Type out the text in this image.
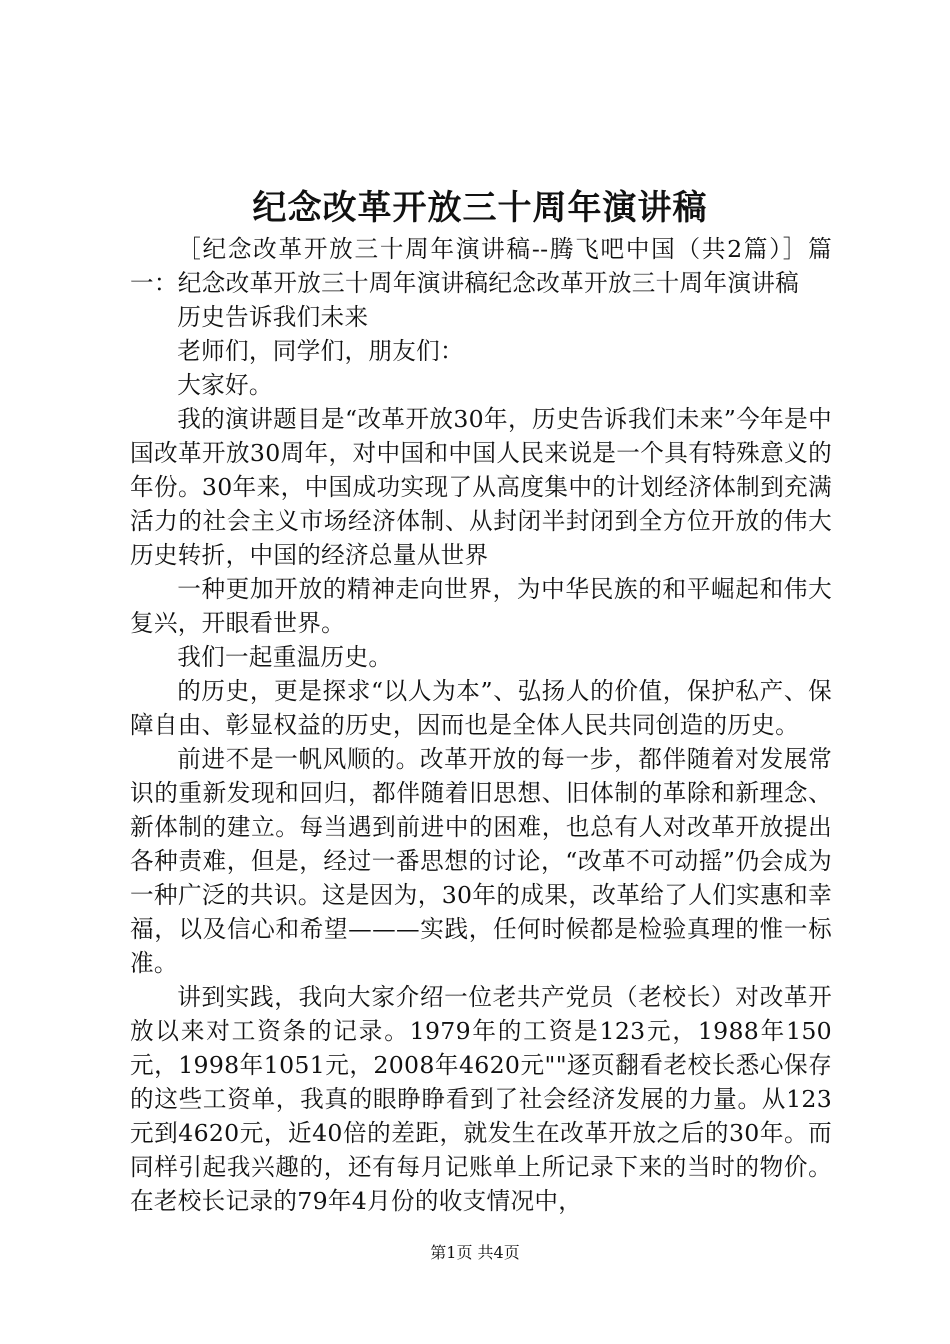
纪念改革开放三十周年演讲稿

［纪念改革开放三十周年演讲稿--腾飞吧中国（共2篇）］篇一：纪念改革开放三十周年演讲稿纪念改革开放三十周年演讲稿

历史告诉我们未来

老师们，同学们，朋友们：

大家好。

我的演讲题目是“改革开放30年，历史告诉我们未来”今年是中国改革开放30周年，对中国和中国人民来说是一个具有特殊意义的年份。30年来，中国成功实现了从高度集中的计划经济体制到充满活力的社会主义市场经济体制、从封闭半封闭到全方位开放的伟大历史转折，中国的经济总量从世界

一种更加开放的精神走向世界，为中华民族的和平崛起和伟大复兴，开眼看世界。

我们一起重温历史。

的历史，更是探求“以人为本”、弘扬人的价值，保护私产、保障自由、彰显权益的历史，因而也是全体人民共同创造的历史。

前进不是一帆风顺的。改革开放的每一步，都伴随着对发展常识的重新发现和回归，都伴随着旧思想、旧体制的革除和新理念、新体制的建立。每当遇到前进中的困难，也总有人对改革开放提出各种责难，但是，经过一番思想的讨论，“改革不可动摇”仍会成为一种广泛的共识。这是因为，30年的成果，改革给了人们实惠和幸福，以及信心和希望———实践，任何时候都是检验真理的惟一标准。

讲到实践，我向大家介绍一位老共产党员（老校长）对改革开放以来对工资条的记录。1979年的工资是123元，1988年150元，1998年1051元，2008年4620元""逐页翻看老校长悉心保存的这些工资单，我真的眼睁睁看到了社会经济发展的力量。从123元到4620元，近40倍的差距，就发生在改革开放之后的30年。而同样引起我兴趣的，还有每月记账单上所记录下来的当时的物价。在老校长记录的79年4月份的收支情况中，

第1页 共4页
